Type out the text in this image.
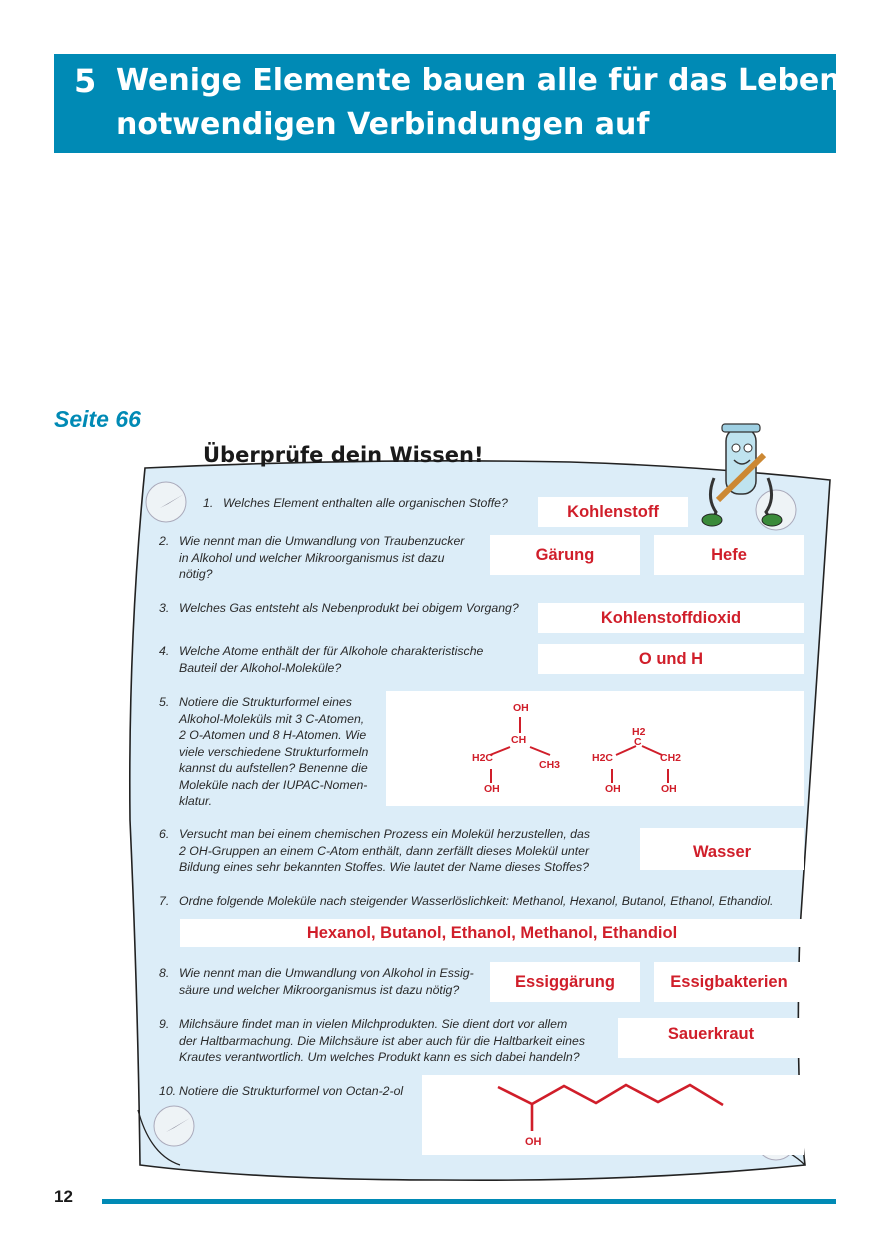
5 Wenige Elemente bauen alle für das Leben
notwendigen Verbindungen auf
Seite 66
Überprüfe dein Wissen!
1. Welches Element enthalten alle organischen Stoffe?	Kohlenstoff
2. Wie nennt man die Umwandlung von Traubenzucker
in Alkohol und welcher Mikroorganismus ist dazu
nötig?
Gärung	Hefe
3. Welches Gas entsteht als Nebenprodukt bei obigem Vorgang?
Kohlenstoffdioxid
4. Welche Atome enthält der für Alkohole charakteristische
Bauteil der Alkohol-Moleküle?	O und H
5. Notiere die Strukturformel eines
Alkohol-Moleküls mit 3 C-Atomen,
2 O-Atomen und 8 H-Atomen. Wie
viele verschiedene Strukturformeln
kannst du aufstellen? Benenne die
Moleküle nach der IUPAC-Nomen-
klatur.
OH
CH
H2C
CH3
OH
H2
C
H2C	CH2
OH	OH
6. Versucht man bei einem chemischen Prozess ein Molekül herzustellen, das
2 OH-Gruppen an einem C-Atom enthält, dann zerfällt dieses Molekül unter
Bildung eines sehr bekannten Stoffes. Wie lautet der Name dieses Stoffes?
Wasser
7. Ordne folgende Moleküle nach steigender Wasserlöslichkeit: Methanol, Hexanol, Butanol, Ethanol, Ethandiol.
Hexanol, Butanol, Ethanol, Methanol, Ethandiol
8. Wie nennt man die Umwandlung von Alkohol in Essig-
säure und welcher Mikroorganismus ist dazu nötig?	Essiggärung	Essigbakterien
9. Milchsäure findet man in vielen Milchprodukten. Sie dient dort vor allem
der Haltbarmachung. Die Milchsäure ist aber auch für die Haltbarkeit eines
Krautes verantwortlich. Um welches Produkt kann es sich dabei handeln?
Sauerkraut
10. Notiere die Strukturformel von Octan-2-ol
OH
12
